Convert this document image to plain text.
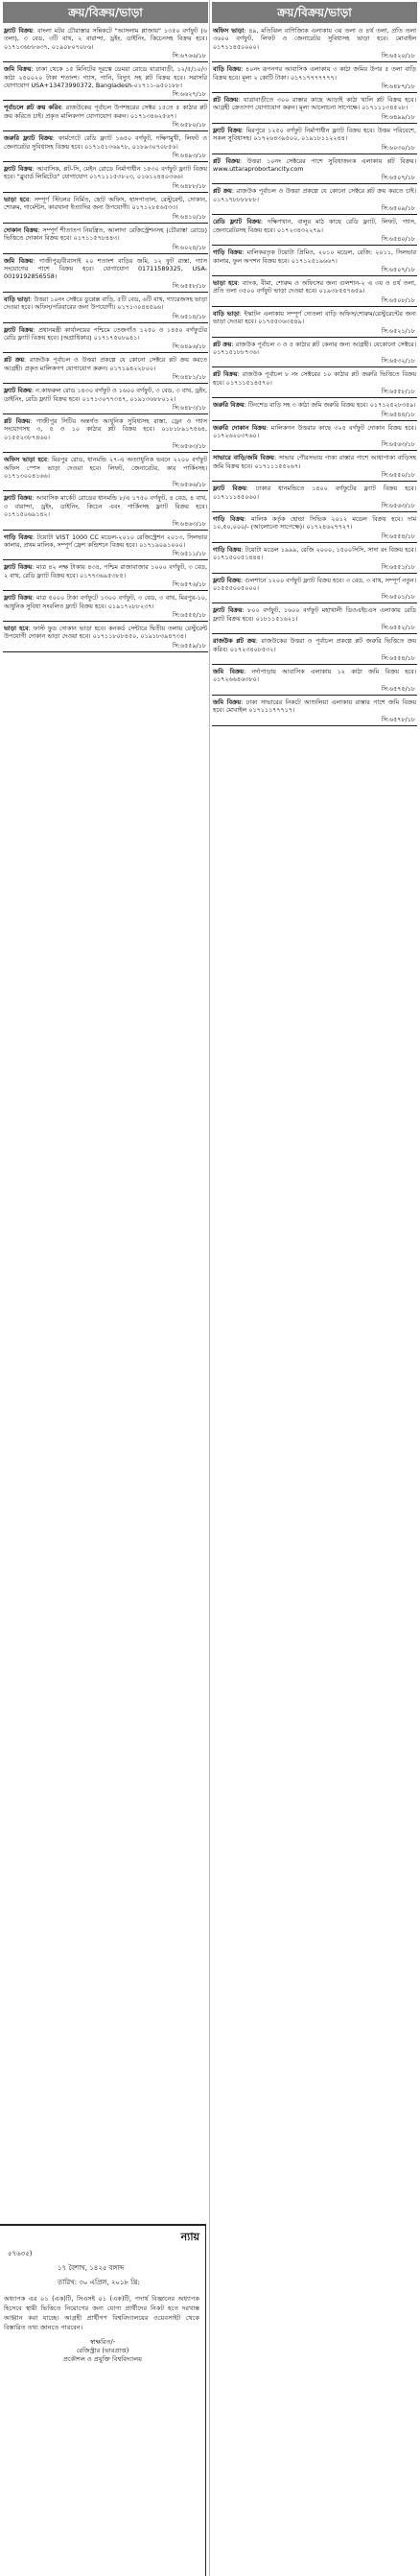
ক্রয়/বিক্রয়/ভাড়া
ফ্ল্যাট বিক্রয়: বাংলা মটর চৌরাস্তার সন্নিকটে "আসলাম প্লাজায়" ১৩৫০ বর্গফুট (৬ তলা), ৩ বেড, ৩টি বাথ, ২ বারান্দা, ড্রইং, ডাইনিং, কিচেনসহ বিক্রয় হবে। ০১৭১৩৬৮৮৬৩৭, ০১৯০৮০৭০৮৬।
সি:৬৭৬৬/১৮
জমি বিক্রয়: ঢাকা থেকে ১৫ মিনিটের দূরত্বে ডেমরা রোডে যাত্রাবাড়ী, ১২/৫/১০/৩ কাঠা ২৫০০২০ টাকা শতাংশ। গ্যাস, পানি, বিদ্যুৎ সহ প্লট বিক্রয় হবে। সরাসরি যোগাযোগ USA+13473990372, Bangladesh-০১৭১১-৯৫০১৮৮।
সি:৬৬২৭/১৮
পূর্বাচলে প্লট ক্রয় করিব: রাজউকের পূর্বাচল উপশহরের সেক্টর ১৫তে ৫ কাঠার প্লট ক্রয় করিতে চাই। প্রকৃত মালিকগণ যোগাযোগ করুন। ০১৭১৩৪৬২৫৬৭।
সি:৬৫৮০/১৮
জরুরি ফ্ল্যাট বিক্রয়: ফার্মগেটে রেডি ফ্ল্যাট ১৬৫০ বর্গফুট, দক্ষিণমুখী, লিফট ও জেনারেটর সুবিধাসহ বিক্রয় হবে। ০১৭১৫১৩৬৯৭৮, ০১৮৯৩০৭০৮৫৬।
সি:৬৪৯৩/১৮
ফ্ল্যাট বিক্রয়: আবাসিক, প্লট-সি, মেইন রোডে নির্মাণাধীন ১৫৩০ বর্গফুট ফ্ল্যাট বিক্রয় হবে। "ব্লুবার্ড লিমিটেড" যোগাযোগ ০১৭১১১৫৩৮২৩, ০১৬১২৪৪০৩৬৬।
সি:৬৪৮৮/১৮
ভাড়া হবে: সম্পূর্ণ স্টিলের নির্মিত, ছোট অফিস, হাসপাতাল, রেস্টুরেন্ট, দোকান, শোরুম, গার্মেন্টস, কারখানা ইত্যাদির জন্য উপযোগী। ০১৭১২৮৫৬৫৩৩।
সি:৬৪১০/১৮
দোকান বিক্রয়: সম্পূর্ণ শীতাতপ নিয়ন্ত্রিত, আলাদা রেজিস্ট্রেশনসহ (চৌরাস্তা রোডে) ভিত্তিতে দোকান বিক্রয় হবে। ০১৭১১৫৭৮৪৪৩।
সি:৬০২৪/১৮
জমি বিক্রয়: গাজীপুর/বীরাসাই ২০ শতাংশ বাড়ির জমি, ১২ ফুট রাস্তা, গ্যাস সংযোগের পাশে বিক্রয় হবে। যোগাযোগ 01711589325, USA-0019192856558।
সি:৬৫৫৮/১৮
বাড়ি ভাড়া: উত্তরা ১০নং সেক্টরে ডুপ্লেক্স বাড়ি, ৫টি বেড, ৬টি বাথ, গ্যারেজসহ ভাড়া দেওয়া হবে। অফিস/পরিবারের জন্য উপযোগী। ০১৭১৩০৪৪৫৯৬।
সি:৬৫১৪/১৮
ফ্ল্যাট বিক্রয়: প্রধানমন্ত্রী কার্যালয়ের পশ্চিমে তেজগাঁও ১২৫০ ও ১৪৫০ বর্গফুটের রেডি ফ্ল্যাট বিক্রয় হবে। (অগ্রাধিকার) ০১৭১৭৫০৮৯৪১।
সি:৬৪৯৬/১৮
প্লট ক্রয়: রাজউক পূর্বাচল ও উত্তরা প্রকল্পে যে কোনো সেক্টরে প্লট ক্রয় করতে আগ্রহী। প্রকৃত মালিকগণ যোগাযোগ করুন। ০১৭১৯৪২২৮০০।
সি:৬৪৮১/১৮
ফ্ল্যাট বিক্রয়: ন.কাফরুল রোড ১৪৩০ বর্গফুট ও ১৬০০ বর্গফুট, ৩ বেড, ৩ বাথ, ড্রইং, ডাইনিং, রেডি ফ্ল্যাট বিক্রয় হবে। ০১৭১৩০৭৭৩৪৭, ০১৯১৩৬৮৮০১২।
সি:৬৪৮৩/১৮
প্লট বিক্রয়: গাজীপুর সিটির অন্তর্গত আধুনিক সুবিধাসহ রাস্তা, ড্রেন ও গ্যাস সংযোগসহ ৩, ৫ ও ১০ কাঠার প্লট বিক্রয় হবে। ০১৮১৮৯১৭৫৬৪, ০১৫৫২৩৮৭৪৬০।
সি:৬৫৬৩/১৮
অফিস ভাড়া হবে: মিরপুর রোড, ধানমন্ডি ২৭-এ অত্যাধুনিক ভবনে ২২০০ বর্গফুট অফিস স্পেস ভাড়া দেওয়া হবে। লিফট, জেনারেটর, কার পার্কিংসহ। ০১৭১৩০০৪১৬৬।
সি:৬৫৬৬/১৮
ফ্ল্যাট বিক্রয়: আবাসিক মার্কেট রোডের ধানমন্ডি ৮/এ ১৭৫০ বর্গফুট, ৪ বেড, ৪ বাথ, ৩ বারান্দা, ড্রইং, ডাইনিং, কিচেন এবং পার্কিংসহ ফ্ল্যাট বিক্রয় হবে। ০১৭১৫০৬৯১৪২।
সি:৬৪৬৩/১৮
গাড়ি বিক্রয়: টয়োটা VIST 1000 CC মডেল-২০১০ রেজিস্ট্রেশন ২০১৩, সিলভার কালার, প্রথম মালিক, সম্পূর্ণ ফ্রেশ কন্ডিশনে বিক্রয় হবে। ০১৭১৯০৯১০০০।
সি:৬৫১১/১৮
ফ্ল্যাট বিক্রয়: মাত্র ৪২ লক্ষ টাকায় ৪৩৪, পশ্চিম রাজাবাজার ১০০০ বর্গফুট, ৩ বেড, ২ বাথ, রেডি ফ্ল্যাট বিক্রয় হবে। ০১৭৭৩৬৯৫৩৮৫।
সি:৬৫৭৬/১৮
ফ্ল্যাট বিক্রয়: মাত্র ৫০০০ টাকা বর্গফুটে ১৩০০ বর্গফুট, ৩ বেড, ৩ বাথ, মিরপুর-১০, আধুনিক সুবিধা সংবলিত ফ্ল্যাট বিক্রয় হবে। ০১৯১৭২৮৮২৩৭।
সি:৬৫৫৫/১৮
ভাড়া হবে: ফাস্ট ফুড দোকান ভাড়া হবে। কনকর্ড সেন্টারে দ্বিতীয় তলায় রেস্টুরেন্ট উপযোগী দোকান ভাড়া দেওয়া হবে। ০১৭১১৮০৮৪৫০, ০১৯১৮৩৯৪৭৩৪।
সি:৬৫৫৯/১৮
ক্রয়/বিক্রয়/ভাড়া
অফিস ভাড়া: ৪৯, মতিঝিল বাণিজ্যিক এলাকায় ৩য় তলা ও ৪র্থ তলা, প্রতি তলা ৩৬০০ বর্গফুট, লিফট ও জেনারেটর সুবিধাসহ ভাড়া হবে। মোবাইল ০১৭১১৪৫০০০০।
সি:৬৫২০/১৮
বাড়ি বিক্রয়: ৪০নং রূপনগর আবাসিক এলাকায় ৩ কাঠা জমির উপর ৫ তলা বাড়ি বিক্রয় হবে। মূল্য ২ কোটি টাকা। ০১৭১৭৭৭৭৭৭৭।
সি:৬৪৮৭/১৮
প্লট বিক্রয়: যাত্রাবাড়ীতে ৩০০ রাস্তার কাছে আড়াই কাঠা খালি প্লট বিক্রয় হবে। আগ্রহী ক্রেতাগণ যোগাযোগ করুন। মূল্য আলোচনা সাপেক্ষে। ০১৭১১১৩৪৫২৮।
সি:৬৪৯৯/১৮
ফ্ল্যাট বিক্রয়: মিরপুরে ১২৫০ বর্গফুট নির্মাণাধীন ফ্ল্যাট বিক্রয় হবে। উত্তম পরিবেশে, সকল সুবিধাসহ। ০১৭২৬৪৩৯৫০০, ০১৯১৮১১২২৪৪।
সি:৬০৩০/১৮
প্লট বিক্রয়: উত্তরা ১০নং সেক্টরের পাশে সুবিধাজনক এলাকায় প্লট বিক্রয়। www.uttaraprobortancity.com
সি:৬৫০৭/১৮
প্লট ক্রয়: রাজউক পূর্বাচল ও উত্তরা প্রকল্পে যে কোনো সেক্টরে প্লট ক্রয় করতে চাই। ০১৭১৭৮৮৮৮৮৮।
সি:৬৫০৯/১৮
রেডি ফ্ল্যাট বিক্রয়: দক্ষিণখান, বালুর মাঠ কাছে রেডি ফ্ল্যাট, লিফট, গ্যাস, জেনারেটরসহ বিক্রয় হবে। ০১৭২৩৪৩২২৭৯।
সি:৬৫৪০/১৮
গাড়ি বিক্রয়: মালিকরতৃক টয়োটা প্রিমিও, ২০১০ মডেল, রেজি: ২০১১, সিলভার কালার, ফুল অপশন বিক্রয় হবে। ০১৭১২৫১৯৬৬৭।
সি:৬৫০৭/১৮
ভাড়া হবে: ব্যাংক, বীমা, শোরুম ও অফিসের জন্য গুলশান-২ এ ৩য় ও ৪র্থ তলা, প্রতি তলা ৩৫০০ বর্গফুট ভাড়া দেওয়া হবে। ০১৯৩৮৫৫৭৬৫৯।
সি:৬৫০৮/১৮
বাড়ি ভাড়া: ইস্কাটন এলাকায় সম্পূর্ণ দোতলা বাড়ি অফিস/শোরুম/রেস্টুরেন্টের জন্য ভাড়া দেওয়া হবে। ০১৭৫৫৩৬৩৫৪৯।
সি:৬৫২১/১৮
প্লট ক্রয়: রাজউক পূর্বাচল ৩ ও ৫ কাঠার প্লট কেনার জন্য আগ্রহী। যেকোনো সেক্টরে। ০১৭১৫১৮৮৭৩৬।
সি:৬৫৩২/১৮
প্লট বিক্রয়: রাজউক পূর্বাচল ৮ নং সেক্টরের ১০ কাঠার প্লট জরুরি ভিত্তিতে বিক্রয় হবে। ০১৭১১৫১৪৫৭০।
সি:৬৫৫৮/১৮
জরুরি বিক্রয়: টিনশেড বাড়ি সহ ৩ কাঠা জমি জরুরি বিক্রয় হবে। ০১৭১২৫২৮৩৫৯।
সি:৬৫৪৪/১৮
জরুরি দোকান বিক্রয়: মালিকগন উত্তরার কাছে ৩২৫ বর্গফুট দোকান বিক্রয় হবে। ০১৭২৬২০৩৭৬০।
সি:৬৫৬৩/১৮
সাভারে বাড়ি/জমি বিক্রয়: সাভার পৌরসভায় পাকা রাস্তার পাশে আধাপাকা বাড়িসহ জমি বিক্রয় হবে। ০১৭১১১৫৫২৬৭।
সি:৬৫৫০/১৮
ফ্ল্যাট বিক্রয়: ঢাকার ধানমন্ডিতে ১৪০০ বর্গফুটের ফ্ল্যাট বিক্রয় হবে। ০১৭১১১৪৫০৬০।
সি:৬৫৬৩/১৮
গাড়ি বিক্রয়: মালিক কর্তৃক হোন্ডা সিভিক ২০১২ মডেল বিক্রয় হবে। দাম ১০,৫০,০০০/- (আলোচনা সাপেক্ষে)। ০১৭২৪৬২৭৭২৭।
সি:৬৫৫৪/১৮
গাড়ি বিক্রয়: টয়োটা মডেল ১৯৯৯, রেজি ২০০০, ১৫০০সিসি, সাদা রং বিক্রয় হবে। ০১৭১৫০০৫১৪৪৪।
সি:৬৫৫১/১৮
ফ্ল্যাট বিক্রয়: গুলশানে ১২০০ বর্গফুট ফ্ল্যাট বিক্রয় হবে। ৩ বেড, ৩ বাথ, সম্পূর্ণ নতুন। ০১৫৫৫০০৫০০০।
সি:৬৫০১/১৮
ফ্ল্যাট বিক্রয়: ৮০০ বর্গফুট, ১৬০০ বর্গফুট মহাখালী ডিওএইচএস এলাকায় রেডি ফ্ল্যাট বিক্রয় হবে। ০১৮১১৫১৬২১।
সি:৬৫৫২/১৮
রাজউক প্লট ক্রয়: রাজউকের উত্তরা ও পূর্বাচল প্রকল্পে প্লট জরুরি ভিত্তিতে ক্রয় করিব। ০১৭২৩৪০৮৫৩২।
সি:৬৫৫৪/১৮
জমি বিক্রয়: নর্দাপাড়ায় আবাসিক এলাকায় ১২ কাঠা জমি বিক্রয় হবে। ০১৭২৬৬৪৬৩৮০।
সি:৬৫৭৫/১৮
জমি বিক্রয়: ঢাকা সাভারের নিকটে আশুলিয়া এলাকায় রাস্তার পাশে জমি বিক্রয় হবে। মোবাইল ০১৭১১১৭৭৭১৭।
সি:৬৫৭৮/১৮
ন্যায়
৫৭৬৩৫)
১৭ বৈশাখ, ১৪২৫ বঙ্গাব্দ
তারিখ: ৩০ এপ্রিল, ২০১৮ খ্রি:
অধ্যাপক এর ০১ (এক)টি, সিএসই ০১ (এক)টি, পদার্থ বিজ্ঞানের অধ্যাপক হিসেবে স্থায়ী ভিত্তিতে নিয়োগের জন্য যোগ্য প্রার্থীদের নিকট হতে দরখাস্ত আহ্বান করা যাচ্ছে। আগ্রহী প্রার্থীগণ বিশ্ববিদ্যালয়ের ওয়েবসাইট থেকে বিস্তারিত তথ্য জানতে পারবেন।
স্বাক্ষরিত/-
রেজিস্ট্রার (ভারপ্রাপ্ত)
প্রকৌশল ও প্রযুক্তি বিশ্ববিদ্যালয়
